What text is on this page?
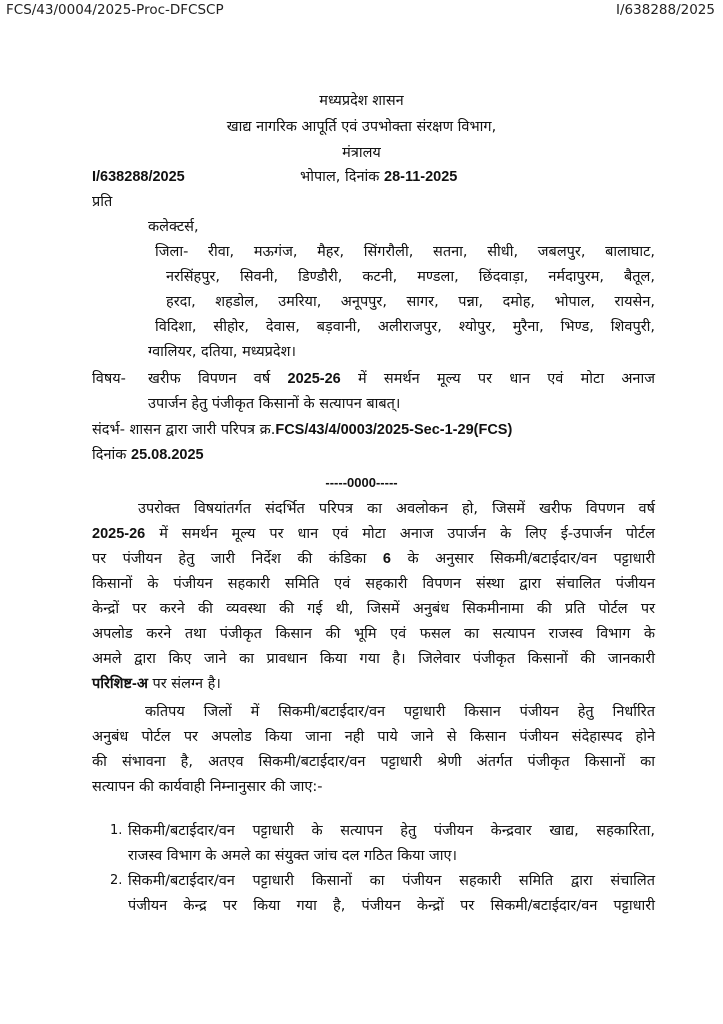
FCS/43/0004/2025-Proc-DFCSCP	I/638288/2025
मध्यप्रदेश शासन
खाद्य नागरिक आपूर्ति एवं उपभोक्ता संरक्षण विभाग,
मंत्रालय
I/638288/2025	भोपाल, दिनांक 28-11-2025
प्रति
कलेक्टर्स,
जिला- रीवा, मऊगंज, मैहर, सिंगरौली, सतना, सीधी, जबलपुर, बालाघाट,
नरसिंहपुर, सिवनी, डिण्डौरी, कटनी, मण्डला, छिंदवाड़ा, नर्मदापुरम, बैतूल,
हरदा, शहडोल, उमरिया, अनूपपुर, सागर, पन्ना, दमोह, भोपाल, रायसेन,
विदिशा, सीहोर, देवास, बड़वानी, अलीराजपुर, श्योपुर, मुरैना, भिण्ड, शिवपुरी,
ग्वालियर, दतिया, मध्यप्रदेश।
विषय- खरीफ विपणन वर्ष 2025-26 में समर्थन मूल्य पर धान एवं मोटा अनाज
उपार्जन हेतु पंजीकृत किसानों के सत्यापन बाबत्।
संदर्भ- शासन द्वारा जारी परिपत्र क्र.FCS/43/4/0003/2025-Sec-1-29(FCS)
दिनांक 25.08.2025
-----0000-----
उपरोक्त विषयांतर्गत संदर्भित परिपत्र का अवलोकन हो, जिसमें खरीफ विपणन वर्ष
2025-26 में समर्थन मूल्य पर धान एवं मोटा अनाज उपार्जन के लिए ई-उपार्जन पोर्टल
पर पंजीयन हेतु जारी निर्देश की कंडिका 6 के अनुसार सिकमी/बटाईदार/वन पट्टाधारी
किसानों के पंजीयन सहकारी समिति एवं सहकारी विपणन संस्था द्वारा संचालित पंजीयन
केन्द्रों पर करने की व्यवस्था की गई थी, जिसमें अनुबंध सिकमीनामा की प्रति पोर्टल पर
अपलोड करने तथा पंजीकृत किसान की भूमि एवं फसल का सत्यापन राजस्व विभाग के
अमले द्वारा किए जाने का प्रावधान किया गया है। जिलेवार पंजीकृत किसानों की जानकारी
परिशिष्ट-अ पर संलग्न है।
कतिपय जिलों में सिकमी/बटाईदार/वन पट्टाधारी किसान पंजीयन हेतु निर्धारित
अनुबंध पोर्टल पर अपलोड किया जाना नही पाये जाने से किसान पंजीयन संदेहास्पद होने
की संभावना है, अतएव सिकमी/बटाईदार/वन पट्टाधारी श्रेणी अंतर्गत पंजीकृत किसानों का
सत्यापन की कार्यवाही निम्नानुसार की जाए:-
1. सिकमी/बटाईदार/वन पट्टाधारी के सत्यापन हेतु पंजीयन केन्द्रवार खाद्य, सहकारिता,
राजस्व विभाग के अमले का संयुक्त जांच दल गठित किया जाए।
2. सिकमी/बटाईदार/वन पट्टाधारी किसानों का पंजीयन सहकारी समिति द्वारा संचालित
पंजीयन केन्द्र पर किया गया है, पंजीयन केन्द्रों पर सिकमी/बटाईदार/वन पट्टाधारी
